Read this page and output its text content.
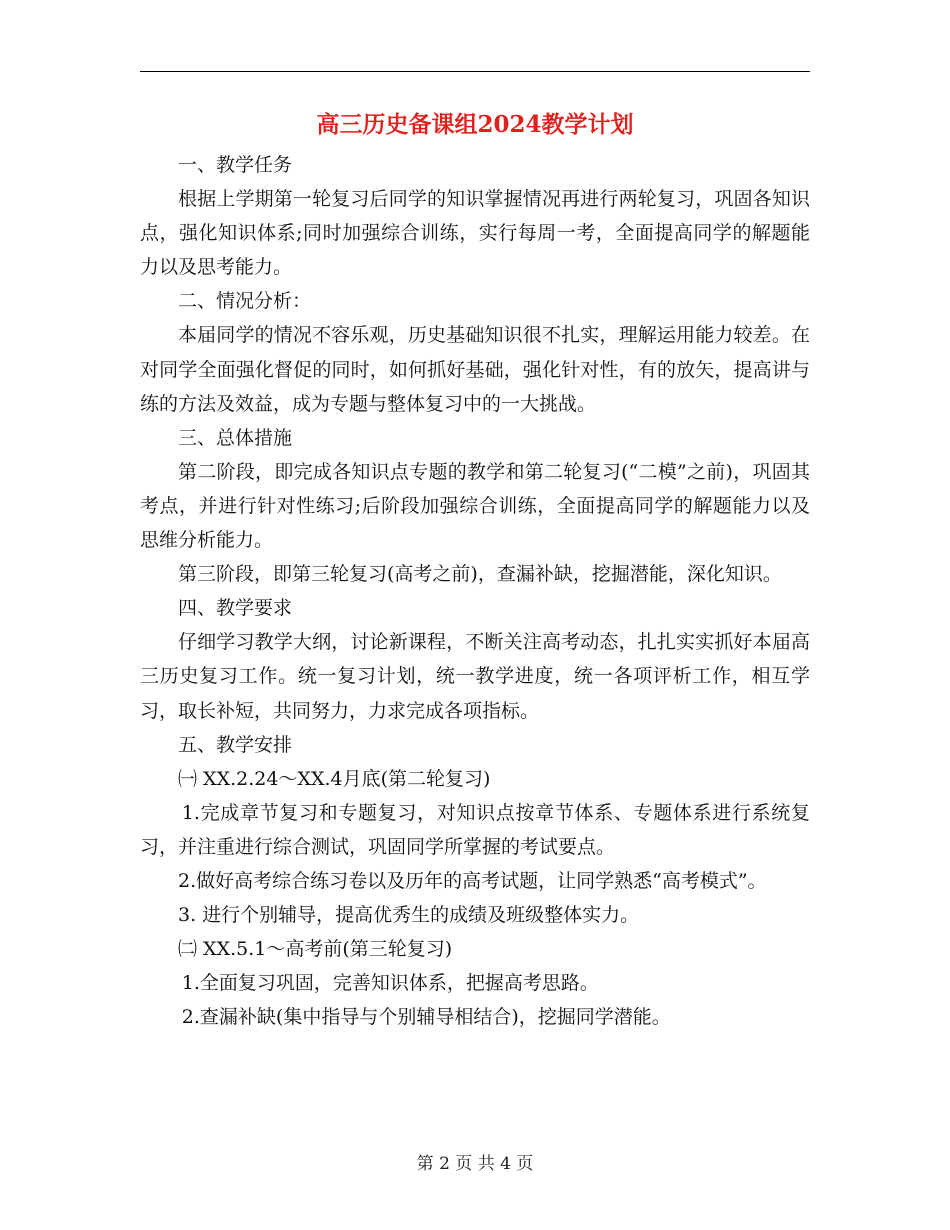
高三历史备课组2024教学计划

一、教学任务

根据上学期第一轮复习后同学的知识掌握情况再进行两轮复习，巩固各知识点，强化知识体系;同时加强综合训练，实行每周一考，全面提高同学的解题能力以及思考能力。

二、情况分析：

本届同学的情况不容乐观，历史基础知识很不扎实，理解运用能力较差。在对同学全面强化督促的同时，如何抓好基础，强化针对性，有的放矢，提高讲与练的方法及效益，成为专题与整体复习中的一大挑战。

三、总体措施

第二阶段，即完成各知识点专题的教学和第二轮复习(“二模”之前)，巩固其考点，并进行针对性练习;后阶段加强综合训练，全面提高同学的解题能力以及思维分析能力。

第三阶段，即第三轮复习(高考之前)，查漏补缺，挖掘潜能，深化知识。

四、教学要求

仔细学习教学大纲，讨论新课程，不断关注高考动态，扎扎实实抓好本届高三历史复习工作。统一复习计划，统一教学进度，统一各项评析工作，相互学习，取长补短，共同努力，力求完成各项指标。

五、教学安排

㈠ XX.2.24～XX.4月底(第二轮复习)

1.完成章节复习和专题复习，对知识点按章节体系、专题体系进行系统复习，并注重进行综合测试，巩固同学所掌握的考试要点。

2.做好高考综合练习卷以及历年的高考试题，让同学熟悉“高考模式”。

3. 进行个别辅导，提高优秀生的成绩及班级整体实力。

㈡ XX.5.1～高考前(第三轮复习)

1.全面复习巩固，完善知识体系，把握高考思路。

2.查漏补缺(集中指导与个别辅导相结合)，挖掘同学潜能。

第 2 页 共 4 页
